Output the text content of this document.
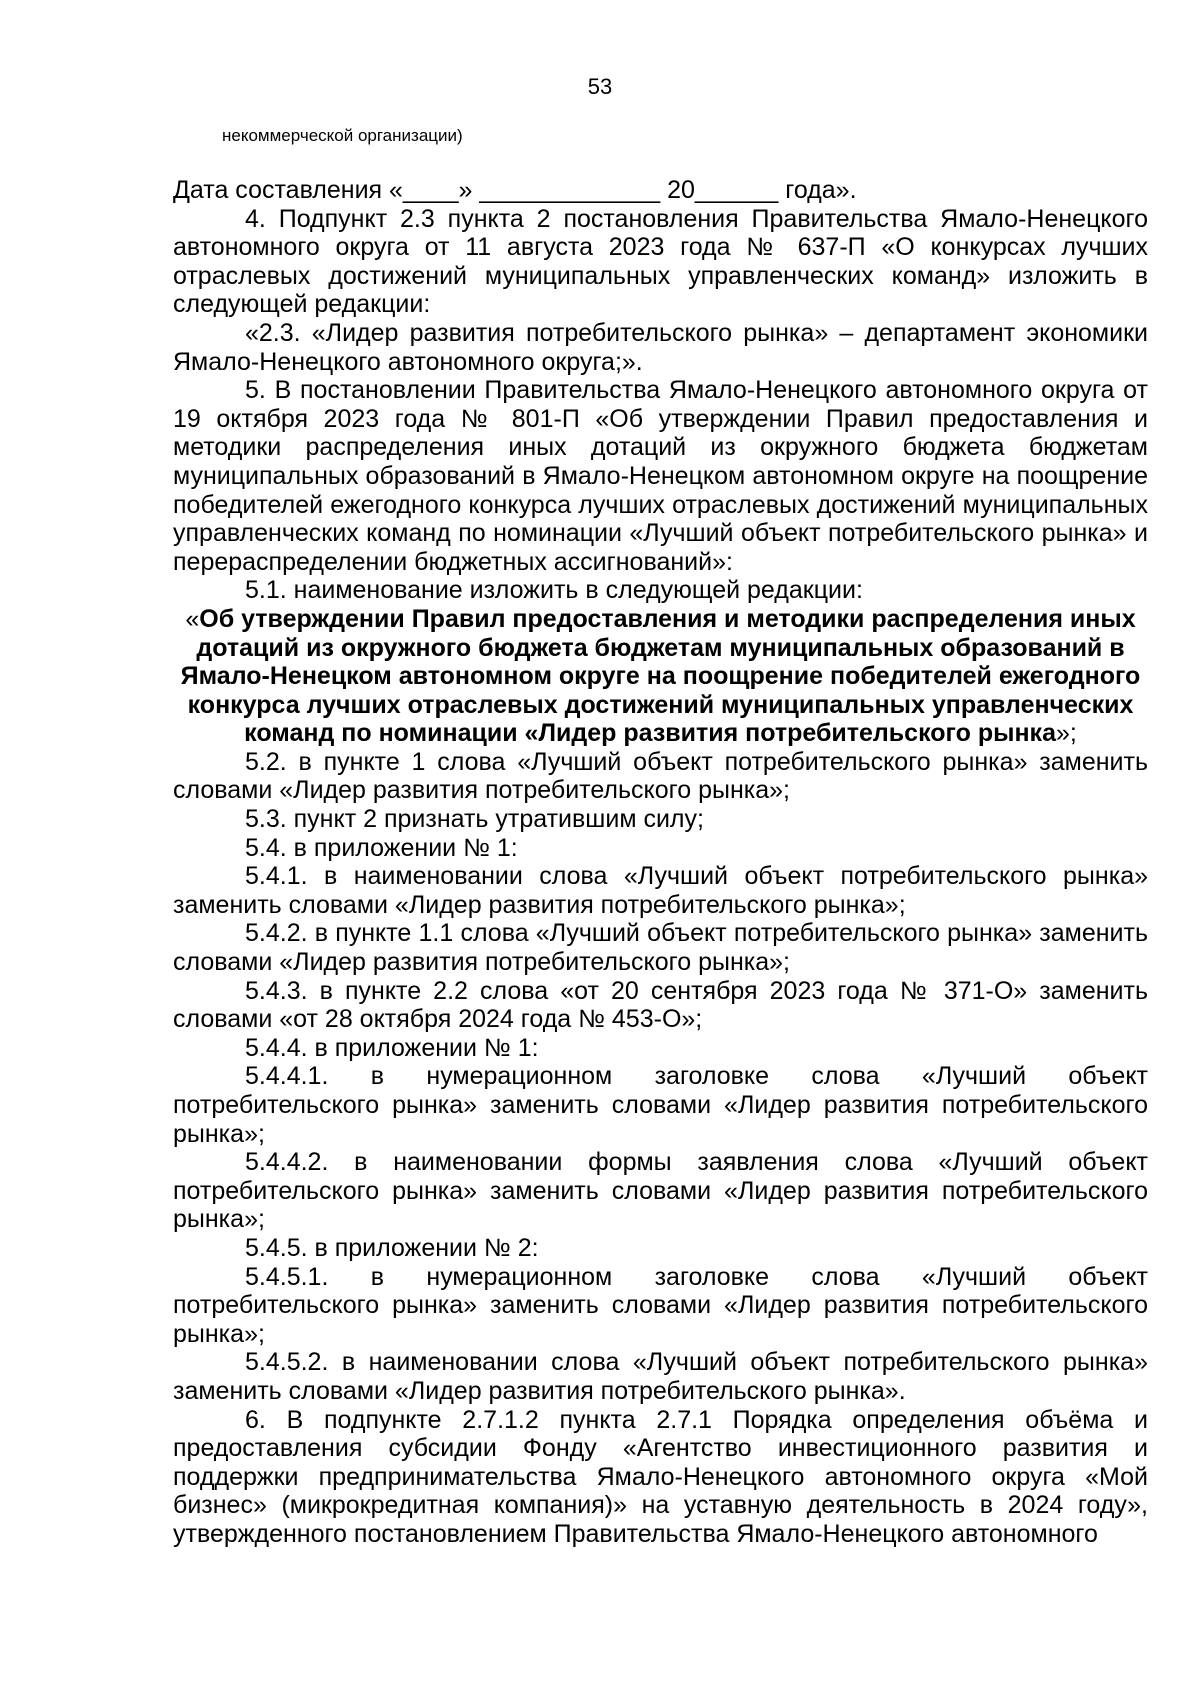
53
некоммерческой организации)

Дата составления «____» _____________ 20______ года».

4. Подпункт 2.3 пункта 2 постановления Правительства Ямало-Ненецкого автономного округа от 11 августа 2023 года № 637-П «О конкурсах лучших отраслевых достижений муниципальных управленческих команд» изложить в следующей редакции:

«2.3. «Лидер развития потребительского рынка» – департамент экономики Ямало-Ненецкого автономного округа;».

5. В постановлении Правительства Ямало-Ненецкого автономного округа от 19 октября 2023 года № 801-П «Об утверждении Правил предоставления и методики распределения иных дотаций из окружного бюджета бюджетам муниципальных образований в Ямало-Ненецком автономном округе на поощрение победителей ежегодного конкурса лучших отраслевых достижений муниципальных управленческих команд по номинации «Лучший объект потребительского рынка» и перераспределении бюджетных ассигнований»:

5.1. наименование изложить в следующей редакции:

«Об утверждении Правил предоставления и методики распределения иных дотаций из окружного бюджета бюджетам муниципальных образований в Ямало-Ненецком автономном округе на поощрение победителей ежегодного конкурса лучших отраслевых достижений муниципальных управленческих команд по номинации «Лидер развития потребительского рынка»;

5.2. в пункте 1 слова «Лучший объект потребительского рынка» заменить словами «Лидер развития потребительского рынка»;

5.3. пункт 2 признать утратившим силу;

5.4. в приложении № 1:

5.4.1. в наименовании слова «Лучший объект потребительского рынка» заменить словами «Лидер развития потребительского рынка»;

5.4.2. в пункте 1.1 слова «Лучший объект потребительского рынка» заменить словами «Лидер развития потребительского рынка»;

5.4.3. в пункте 2.2 слова «от 20 сентября 2023 года № 371-О» заменить словами «от 28 октября 2024 года № 453-О»;

5.4.4. в приложении № 1:

5.4.4.1. в нумерационном заголовке слова «Лучший объект потребительского рынка» заменить словами «Лидер развития потребительского рынка»;

5.4.4.2. в наименовании формы заявления слова «Лучший объект потребительского рынка» заменить словами «Лидер развития потребительского рынка»;

5.4.5. в приложении № 2:

5.4.5.1. в нумерационном заголовке слова «Лучший объект потребительского рынка» заменить словами «Лидер развития потребительского рынка»;

5.4.5.2. в наименовании слова «Лучший объект потребительского рынка» заменить словами «Лидер развития потребительского рынка».

6. В подпункте 2.7.1.2 пункта 2.7.1 Порядка определения объёма и предоставления субсидии Фонду «Агентство инвестиционного развития и поддержки предпринимательства Ямало-Ненецкого автономного округа «Мой бизнес» (микрокредитная компания)» на уставную деятельность в 2024 году», утвержденного постановлением Правительства Ямало-Ненецкого автономного
